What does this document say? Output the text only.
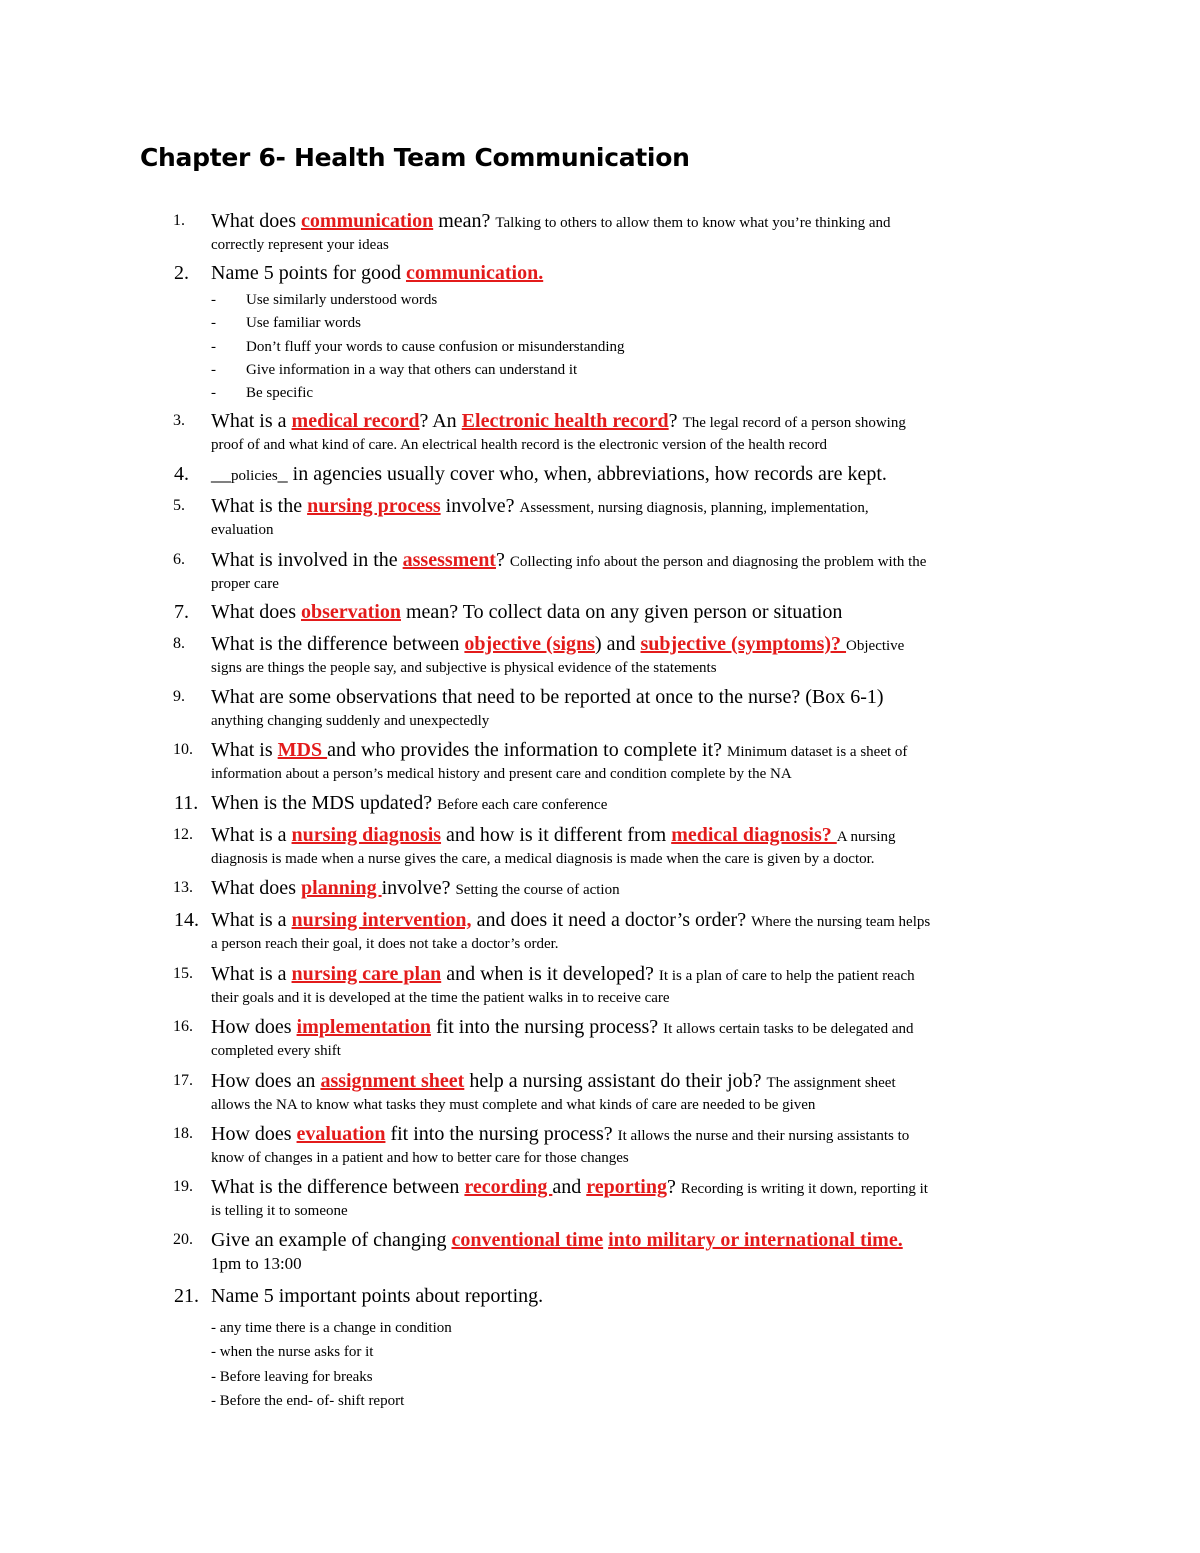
Chapter 6- Health Team Communication
1.	What does communication mean? Talking to others to allow them to know what you’re thinking and
correctly represent your ideas
2.	Name 5 points for good communication.
3.	What is a medical record? An Electronic health record? The legal record of a person showing
proof of and what kind of care. An electrical health record is the electronic version of the health record
4.	__policies_ in agencies usually cover who, when, abbreviations, how records are kept.
5.	What is the nursing process involve? Assessment, nursing diagnosis, planning, implementation,
evaluation
6.	What is involved in the assessment? Collecting info about the person and diagnosing the problem with the
proper care
7.	What does observation mean? To collect data on any given person or situation
8.	What is the difference between objective (signs) and subjective (symptoms)? Objective
signs are things the people say, and subjective is physical evidence of the statements
9.	What are some observations that need to be reported at once to the nurse? (Box 6-1)
anything changing suddenly and unexpectedly
10. What is MDS and who provides the information to complete it? Minimum dataset is a sheet of
information about a person’s medical history and present care and condition complete by the NA
11. When is the MDS updated? Before each care conference
12. What is a nursing diagnosis and how is it different from medical diagnosis? A nursing
diagnosis is made when a nurse gives the care, a medical diagnosis is made when the care is given by a doctor.
13. What does planning involve? Setting the course of action
14. What is a nursing intervention, and does it need a doctor’s order? Where the nursing team helps
a person reach their goal, it does not take a doctor’s order.
15. What is a nursing care plan and when is it developed? It is a plan of care to help the patient reach
their goals and it is developed at the time the patient walks in to receive care
16. How does implementation fit into the nursing process? It allows certain tasks to be delegated and
completed every shift
17. How does an assignment sheet help a nursing assistant do their job? The assignment sheet
allows the NA to know what tasks they must complete and what kinds of care are needed to be given
18. How does evaluation fit into the nursing process? It allows the nurse and their nursing assistants to
know of changes in a patient and how to better care for those changes
19. What is the difference between recording and reporting? Recording is writing it down, reporting it
is telling it to someone
20. Give an example of changing conventional time into military or international time.
1pm to 13:00
21. Name 5 important points about reporting.
- Use similarly understood words
- Use familiar words
- Don’t fluff your words to cause confusion or misunderstanding
- Give information in a way that others can understand it
- Be specific
- any time there is a change in condition
- when the nurse asks for it
- Before leaving for breaks
- Before the end- of- shift report
